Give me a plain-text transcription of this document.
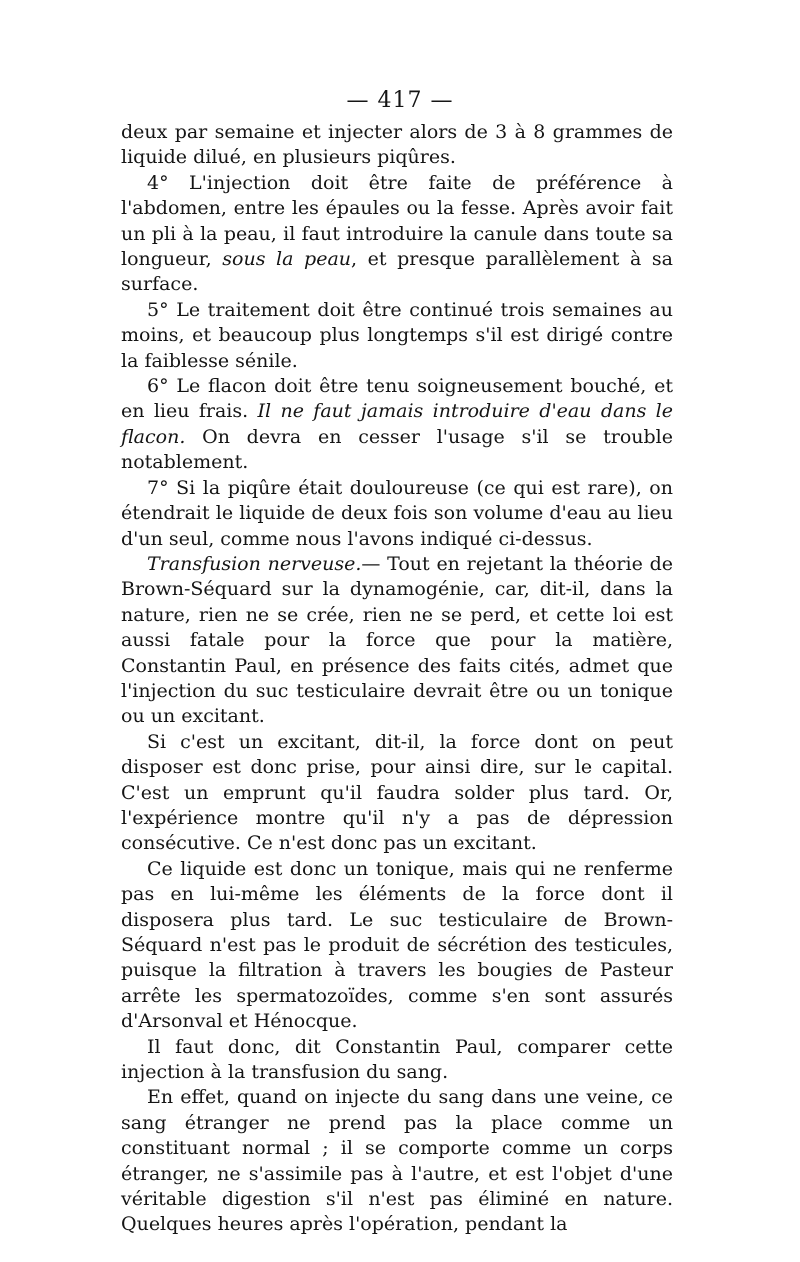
— 417 —

deux par semaine et injecter alors de 3 à 8 grammes de liquide dilué, en plusieurs piqûres.

4° L'injection doit être faite de préférence à l'abdomen, entre les épaules ou la fesse. Après avoir fait un pli à la peau, il faut introduire la canule dans toute sa longueur, sous la peau, et presque parallèlement à sa surface.

5° Le traitement doit être continué trois semaines au moins, et beaucoup plus longtemps s'il est dirigé contre la faiblesse sénile.

6° Le flacon doit être tenu soigneusement bouché, et en lieu frais. Il ne faut jamais introduire d'eau dans le flacon. On devra en cesser l'usage s'il se trouble notablement.

7° Si la piqûre était douloureuse (ce qui est rare), on étendrait le liquide de deux fois son volume d'eau au lieu d'un seul, comme nous l'avons indiqué ci-dessus.

Transfusion nerveuse.— Tout en rejetant la théorie de Brown-Séquard sur la dynamogénie, car, dit-il, dans la nature, rien ne se crée, rien ne se perd, et cette loi est aussi fatale pour la force que pour la matière, Constantin Paul, en présence des faits cités, admet que l'injection du suc testiculaire devrait être ou un tonique ou un excitant.

Si c'est un excitant, dit-il, la force dont on peut disposer est donc prise, pour ainsi dire, sur le capital. C'est un emprunt qu'il faudra solder plus tard. Or, l'expérience montre qu'il n'y a pas de dépression consécutive. Ce n'est donc pas un excitant.

Ce liquide est donc un tonique, mais qui ne renferme pas en lui-même les éléments de la force dont il disposera plus tard. Le suc testiculaire de Brown-Séquard n'est pas le produit de sécrétion des testicules, puisque la filtration à travers les bougies de Pasteur arrête les spermatozoïdes, comme s'en sont assurés d'Arsonval et Hénocque.

Il faut donc, dit Constantin Paul, comparer cette injection à la transfusion du sang.

En effet, quand on injecte du sang dans une veine, ce sang étranger ne prend pas la place comme un constituant normal ; il se comporte comme un corps étranger, ne s'assimile pas à l'autre, et est l'objet d'une véritable digestion s'il n'est pas éliminé en nature. Quelques heures après l'opération, pendant la
